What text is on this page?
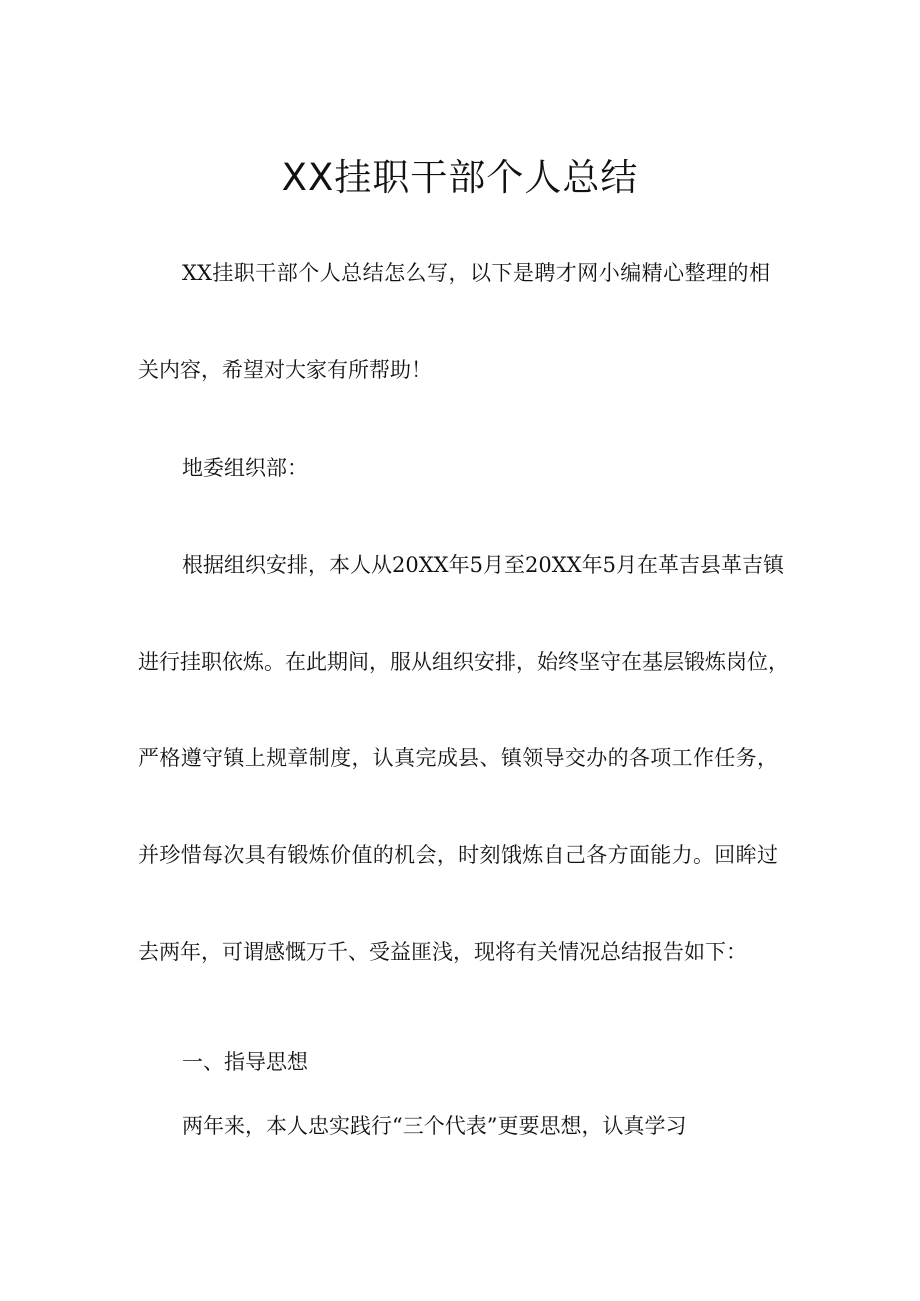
XX挂职干部个人总结

XX挂职干部个人总结怎么写，以下是聘才网小编精心整理的相

关内容，希望对大家有所帮助！

地委组织部：

根据组织安排，本人从20XX年5月至20XX年5月在革吉县革吉镇

进行挂职依炼。在此期间，服从组织安排，始终坚守在基层锻炼岗位，

严格遵守镇上规章制度，认真完成县、镇领导交办的各项工作任务，

并珍惜每次具有锻炼价值的机会，时刻饿炼自己各方面能力。回眸过

去两年，可谓感慨万千、受益匪浅，现将有关情况总结报告如下：

一、指导思想

两年来，本人忠实践行“三个代表”更要思想，认真学习
